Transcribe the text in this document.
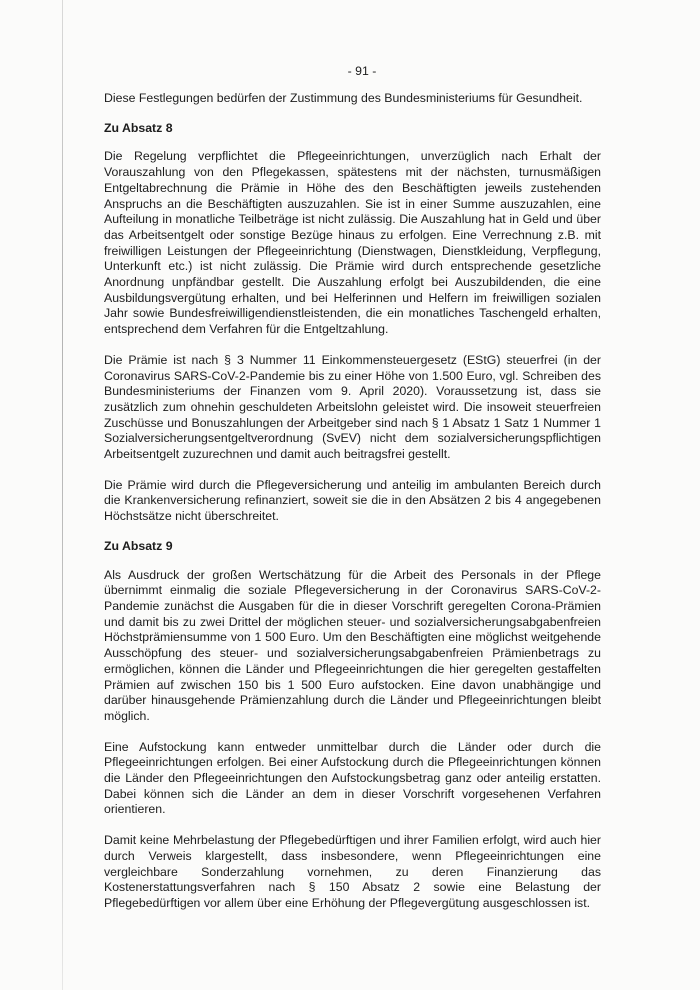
- 91 -

Diese Festlegungen bedürfen der Zustimmung des Bundesministeriums für Gesundheit.

Zu Absatz 8

Die Regelung verpflichtet die Pflegeeinrichtungen, unverzüglich nach Erhalt der Vorauszahlung von den Pflegekassen, spätestens mit der nächsten, turnusmäßigen Entgeltabrechnung die Prämie in Höhe des den Beschäftigten jeweils zustehenden Anspruchs an die Beschäftigten auszuzahlen. Sie ist in einer Summe auszuzahlen, eine Aufteilung in monatliche Teilbeträge ist nicht zulässig. Die Auszahlung hat in Geld und über das Arbeitsentgelt oder sonstige Bezüge hinaus zu erfolgen. Eine Verrechnung z.B. mit freiwilligen Leistungen der Pflegeeinrichtung (Dienstwagen, Dienstkleidung, Verpflegung, Unterkunft etc.) ist nicht zulässig. Die Prämie wird durch entsprechende gesetzliche Anordnung unpfändbar gestellt. Die Auszahlung erfolgt bei Auszubildenden, die eine Ausbildungsvergütung erhalten, und bei Helferinnen und Helfern im freiwilligen sozialen Jahr sowie Bundesfreiwilligendienstleistenden, die ein monatliches Taschengeld erhalten, entsprechend dem Verfahren für die Entgeltzahlung.

Die Prämie ist nach § 3 Nummer 11 Einkommensteuergesetz (EStG) steuerfrei (in der Coronavirus SARS-CoV-2-Pandemie bis zu einer Höhe von 1.500 Euro, vgl. Schreiben des Bundesministeriums der Finanzen vom 9. April 2020). Voraussetzung ist, dass sie zusätzlich zum ohnehin geschuldeten Arbeitslohn geleistet wird. Die insoweit steuerfreien Zuschüsse und Bonuszahlungen der Arbeitgeber sind nach § 1 Absatz 1 Satz 1 Nummer 1 Sozialversicherungsentgeltverordnung (SvEV) nicht dem sozialversicherungspflichtigen Arbeitsentgelt zuzurechnen und damit auch beitragsfrei gestellt.

Die Prämie wird durch die Pflegeversicherung und anteilig im ambulanten Bereich durch die Krankenversicherung refinanziert, soweit sie die in den Absätzen 2 bis 4 angegebenen Höchstsätze nicht überschreitet.

Zu Absatz 9

Als Ausdruck der großen Wertschätzung für die Arbeit des Personals in der Pflege übernimmt einmalig die soziale Pflegeversicherung in der Coronavirus SARS-CoV-2-Pandemie zunächst die Ausgaben für die in dieser Vorschrift geregelten Corona-Prämien und damit bis zu zwei Drittel der möglichen steuer- und sozialversicherungsabgabenfreien Höchstprämiensumme von 1 500 Euro. Um den Beschäftigten eine möglichst weitgehende Ausschöpfung des steuer- und sozialversicherungsabgabenfreien Prämienbetrags zu ermöglichen, können die Länder und Pflegeeinrichtungen die hier geregelten gestaffelten Prämien auf zwischen 150 bis 1 500 Euro aufstocken. Eine davon unabhängige und darüber hinausgehende Prämienzahlung durch die Länder und Pflegeeinrichtungen bleibt möglich.

Eine Aufstockung kann entweder unmittelbar durch die Länder oder durch die Pflegeeinrichtungen erfolgen. Bei einer Aufstockung durch die Pflegeeinrichtungen können die Länder den Pflegeeinrichtungen den Aufstockungsbetrag ganz oder anteilig erstatten. Dabei können sich die Länder an dem in dieser Vorschrift vorgesehenen Verfahren orientieren.

Damit keine Mehrbelastung der Pflegebedürftigen und ihrer Familien erfolgt, wird auch hier durch Verweis klargestellt, dass insbesondere, wenn Pflegeeinrichtungen eine vergleichbare Sonderzahlung vornehmen, zu deren Finanzierung das Kostenerstattungsverfahren nach § 150 Absatz 2 sowie eine Belastung der Pflegebedürftigen vor allem über eine Erhöhung der Pflegevergütung ausgeschlossen ist.
